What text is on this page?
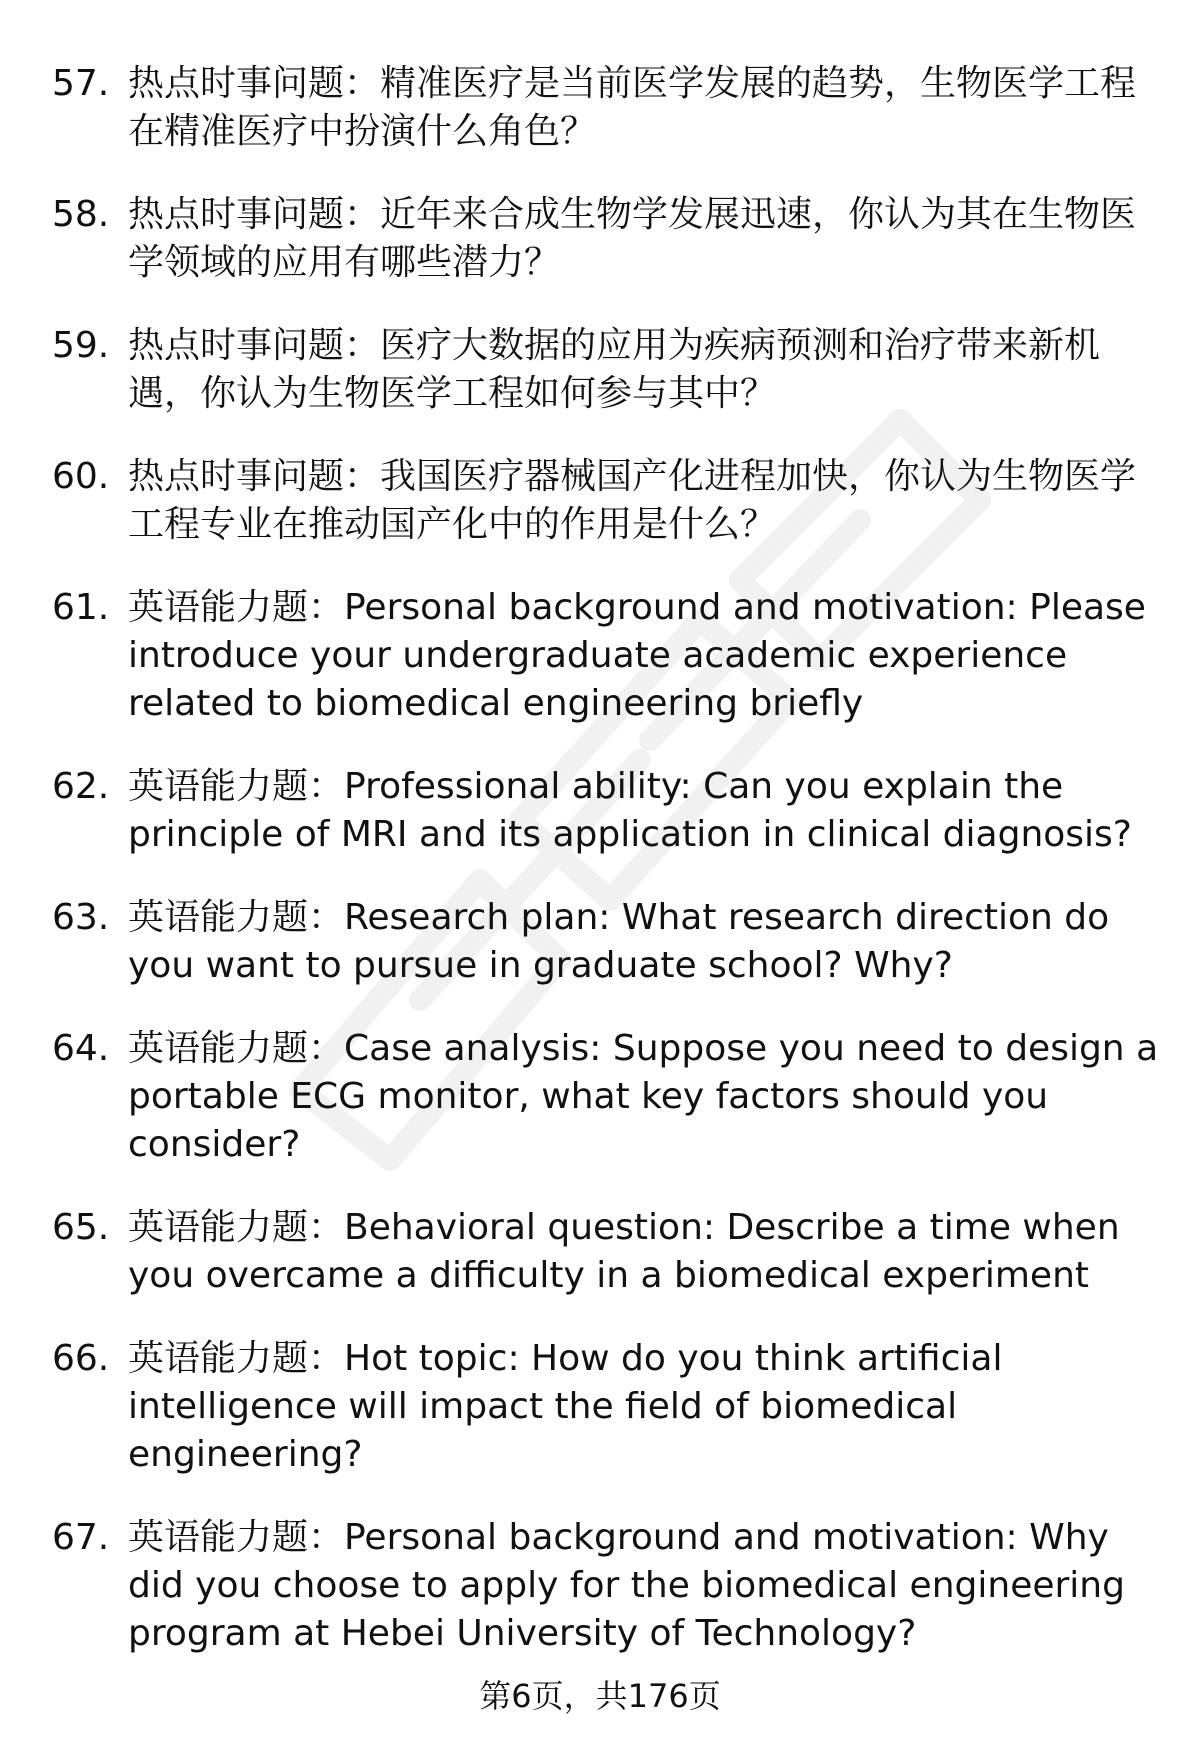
57. 热点时事问题：精准医疗是当前医学发展的趋势，生物医学工程在精准医疗中扮演什么角色？
58. 热点时事问题：近年来合成生物学发展迅速，你认为其在生物医学领域的应用有哪些潜力？
59. 热点时事问题：医疗大数据的应用为疾病预测和治疗带来新机遇，你认为生物医学工程如何参与其中？
60. 热点时事问题：我国医疗器械国产化进程加快，你认为生物医学工程专业在推动国产化中的作用是什么？
61. 英语能力题：Personal background and motivation: Please introduce your undergraduate academic experience related to biomedical engineering briefly
62. 英语能力题：Professional ability: Can you explain the principle of MRI and its application in clinical diagnosis?
63. 英语能力题：Research plan: What research direction do you want to pursue in graduate school? Why?
64. 英语能力题：Case analysis: Suppose you need to design a portable ECG monitor, what key factors should you consider?
65. 英语能力题：Behavioral question: Describe a time when you overcame a difficulty in a biomedical experiment
66. 英语能力题：Hot topic: How do you think artificial intelligence will impact the field of biomedical engineering?
67. 英语能力题：Personal background and motivation: Why did you choose to apply for the biomedical engineering program at Hebei University of Technology?
第6页，共176页
